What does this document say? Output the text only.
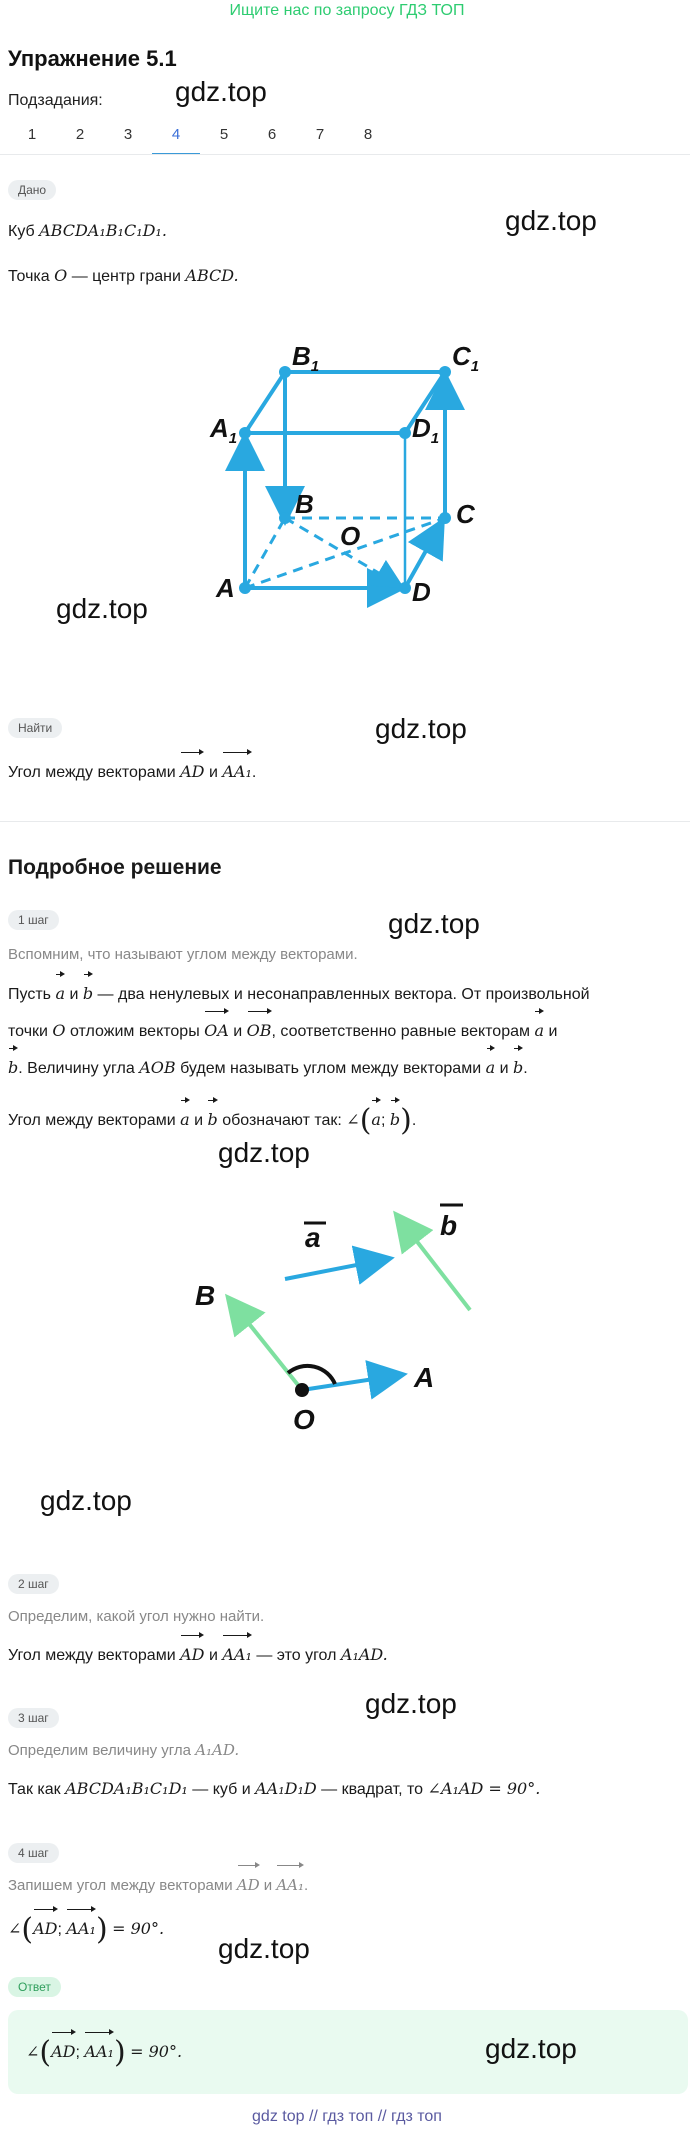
Ищите нас по запросу ГДЗ ТОП
Упражнение 5.1
Подзадания:	gdz.top
1	2	3	4	5	6	7	8
Дано
gdz.top
Куб ABCDA₁B₁C₁D₁.
Точка O — центр грани ABCD.
$B_1$	$C_1$
$A_1$	$D_1$
B
O
C
A	D
gdz.top
Найти	gdz.top
Угол между векторами AD и AA₁.
Подробное решение
1 шаг	gdz.top
Вспомним, что называют углом между векторами.
Пусть a и b — два ненулевых и несонаправленных вектора. От произвольной
точки O отложим векторы OA и OB, соответственно равные векторам a и
b. Величину угла AOB будем называть углом между векторами a и b.
Угол между векторами a и b обозначают так: ∠(a; b).
gdz.top
a	b
B
A
O
gdz.top
2 шаг
Определим, какой угол нужно найти.
Угол между векторами AD и AA₁ — это угол A₁AD.
gdz.top
3 шаг
Определим величину угла A₁AD.
Так как ABCDA₁B₁C₁D₁ — куб и AA₁D₁D — квадрат, то ∠A₁AD = 90°.
4 шаг
Запишем угол между векторами AD и AA₁.
∠(AD; AA₁) = 90°.
gdz.top
Ответ
∠(AD; AA₁) = 90°.	gdz.top
gdz top // гдз топ // гдз топ
